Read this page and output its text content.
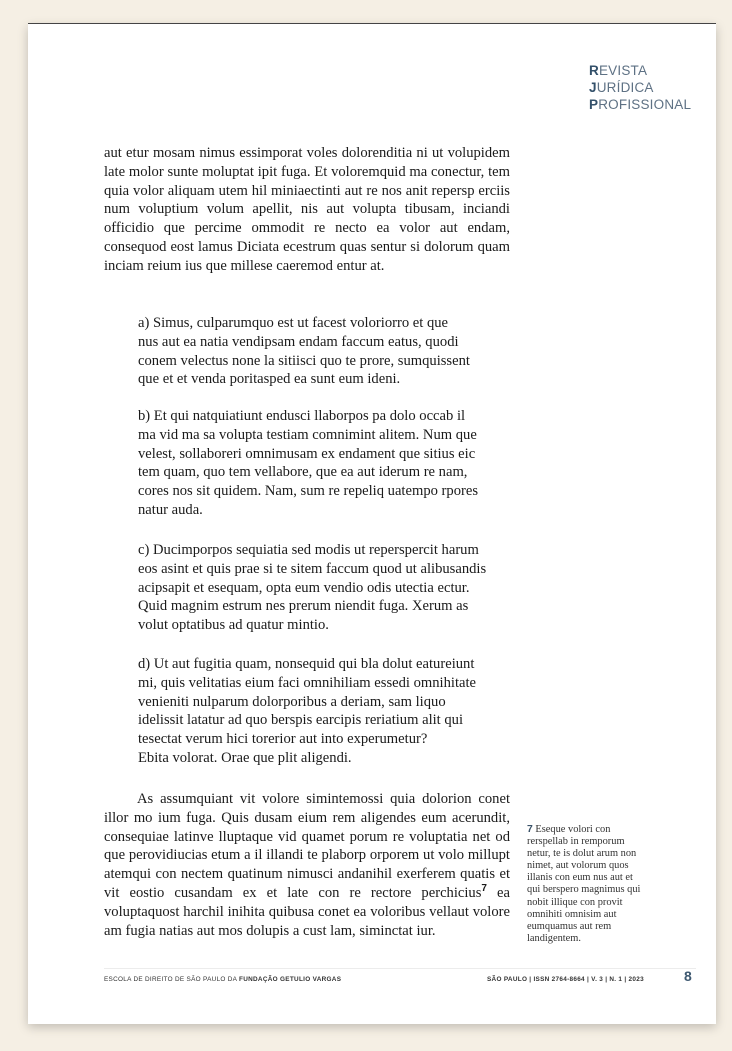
REVISTA
JURÍDICA
PROFISSIONAL

aut etur mosam nimus essimporat voles dolorenditia ni ut volupidem late molor sunte moluptat ipit fuga. Et voloremquid ma conectur, tem quia volor aliquam utem hil miniaectinti aut re nos anit repersp erciis num voluptium volum apellit, nis aut volupta tibusam, inciandi officidio que percime ommodit re necto ea volor aut endam, consequod eost lamus Diciata ecestrum quas sentur si dolorum quam inciam reium ius que millese caeremod entur at.

a) Simus, culparumquo est ut facest voloriorro et que
nus aut ea natia vendipsam endam faccum eatus, quodi
conem velectus none la sitiisci quo te prore, sumquissent
que et et venda poritasped ea sunt eum ideni.
b) Et qui natquiatiunt endusci llaborpos pa dolo occab il
ma vid ma sa volupta testiam comnimint alitem. Num que
velest, sollaboreri omnimusam ex endament que sitius eic
tem quam, quo tem vellabore, que ea aut iderum re nam,
cores nos sit quidem. Nam, sum re repeliq uatempo rpores
natur auda.
c) Ducimporpos sequiatia sed modis ut reperspercit harum
eos asint et quis prae si te sitem faccum quod ut alibusandis
acipsapit et esequam, opta eum vendio odis utectia ectur.
Quid magnim estrum nes prerum niendit fuga. Xerum as
volut optatibus ad quatur mintio.
d) Ut aut fugitia quam, nonsequid qui bla dolut eatureiunt
mi, quis velitatias eium faci omnihiliam essedi omnihitate
venieniti nulparum dolorporibus a deriam, sam liquo
idelissit latatur ad quo berspis earcipis reriatium alit qui
tesectat verum hici torerior aut into experumetur?
Ebita volorat. Orae que plit aligendi.
As assumquiant vit volore simintemossi quia dolorion conet illor mo ium fuga. Quis dusam eium rem aligendes eum acerundit, consequiae latinve lluptaque vid quamet porum re voluptatia net od que perovidiucias etum a il illandi te plaborp orporem ut volo millupt atemqui con nectem quatinum nimusci andanihil exerferem quatis et vit eostio cusandam ex et late con re rectore perchicius$^7$ ea voluptaquost harchil inihita quibusa conet ea voloribus vellaut volore am fugia natias aut mos dolupis a cust lam, siminctat iur.
7 Eseque volori con rerspellab in remporum netur, te is dolut arum non nimet, aut volorum quos illanis con eum nus aut et qui berspero magnimus qui nobit illique con provit omnihiti omnisim aut eumquamus aut rem landigentem.
ESCOLA DE DIREITO DE SÃO PAULO DA FUNDAÇÃO GETULIO VARGAS	SÃO PAULO | ISSN 2764-8664 | V. 3 | N. 1 | 2023	8
